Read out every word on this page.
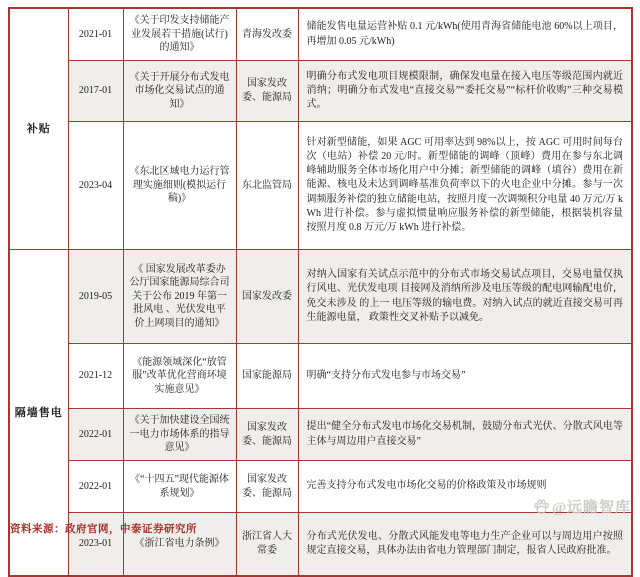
补贴	2021-01	《关于印发支持储能产业发展若干措施(试行)的通知》	青海发改委	储能发售电量运营补贴 0.1 元/kWh(使用青海省储能电池 60%以上项目，再增加 0.05 元/kWh)
	2017-01	《关于开展分布式发电市场化交易试点的通知》	国家发改委、能源局	明确分布式发电项目规模限制，确保发电量在接入电压等级范围内就近消纳；明确分布式发电“直接交易”“委托交易”“标杆价收购”三种交易模式。
	2023-04	《东北区域电力运行管理实施细则(模拟运行稿)》	东北监管局	针对新型储能，如果 AGC 可用率达到 98%以上，按 AGC 可用时间每台次（电站）补偿 20 元/时。新型储能的调峰（顶峰）费用在参与东北调峰辅助服务全体市场化用户中分摊；新型储能的调峰（填谷）费用在新能源、核电及未达到调峰基准负荷率以下的火电企业中分摊。参与一次调频服务补偿的独立储能电站，按照月度一次调频积分电量 40 万元/万 kWh 进行补偿。参与虚拟惯量响应服务补偿的新型储能，根据装机容量按照月度 0.8 万元/万 kWh 进行补偿。
隔墙售电	2019-05	《 国家发展改革委办公厅国家能源局综合司关于公布 2019 年第一批风电 、光伏发电平价上网项目的通知》	国家发改委	对纳入国家有关试点示范中的分布式市场交易试点项目，交易电量仅执行风电、光伏发电项 目接网及消纳所涉及电压等级的配电网输配电价，免交未涉及 的上一 电压等级的输电费。对纳入试点的就近直接交易可再生能源电量， 政策性交叉补贴予以减免。
	2021-12	《能源领域深化“放管服”改革优化营商环境实施意见》	国家能源局	明确“支持分布式发电参与市场交易”
	2022-01	《关于加快建设全国统一电力市场体系的指导意见》	国家发改委、能源局	提出“健全分布式发电市场化交易机制，鼓励分布式光伏、分散式风电等主体与周边用户直接交易”
	2022-01	《“十四五”现代能源体系规划》	国家发改委、能源局	完善支持分布式发电市场化交易的价格政策及市场规则
	2023-01	《浙江省电力条例》	浙江省人大常委	分布式光伏发电、分散式风能发电等电力生产企业可以与周边用户按照规定直接交易，具体办法由省电力管理部门制定，报省人民政府批准。
资料来源：政府官网，中泰证券研究所
@远瞻智库
